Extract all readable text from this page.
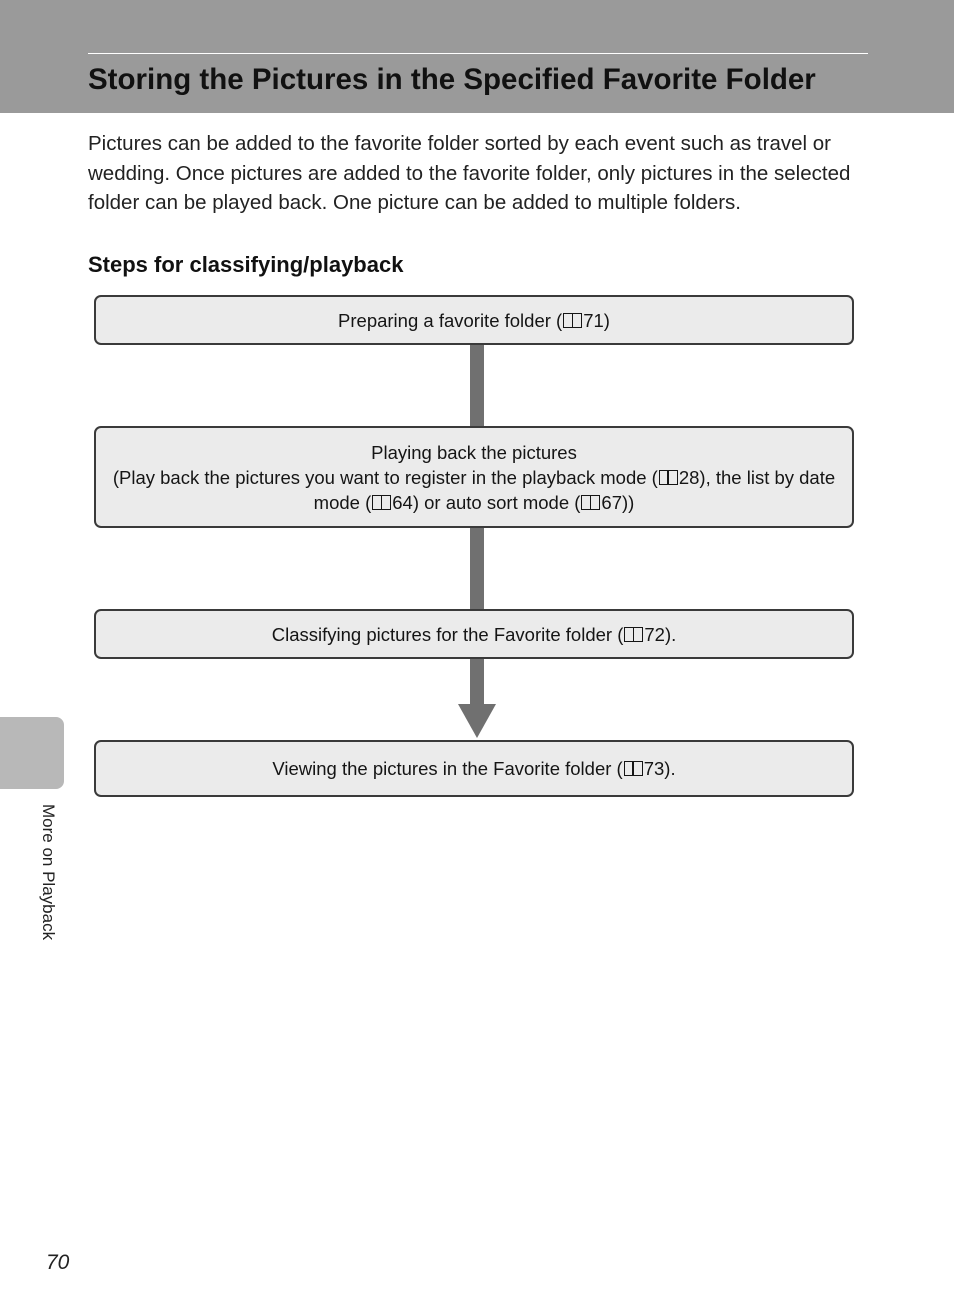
Storing the Pictures in the Specified Favorite Folder

Pictures can be added to the favorite folder sorted by each event such as travel or wedding. Once pictures are added to the favorite folder, only pictures in the selected folder can be played back. One picture can be added to multiple folders.

Steps for classifying/playback
Preparing a favorite folder ( 71)
Playing back the pictures
(Play back the pictures you want to register in the playback mode ( 28), the list by date mode ( 64) or auto sort mode ( 67))
Classifying pictures for the Favorite folder ( 72).
Viewing the pictures in the Favorite folder ( 73).
More on Playback
70
